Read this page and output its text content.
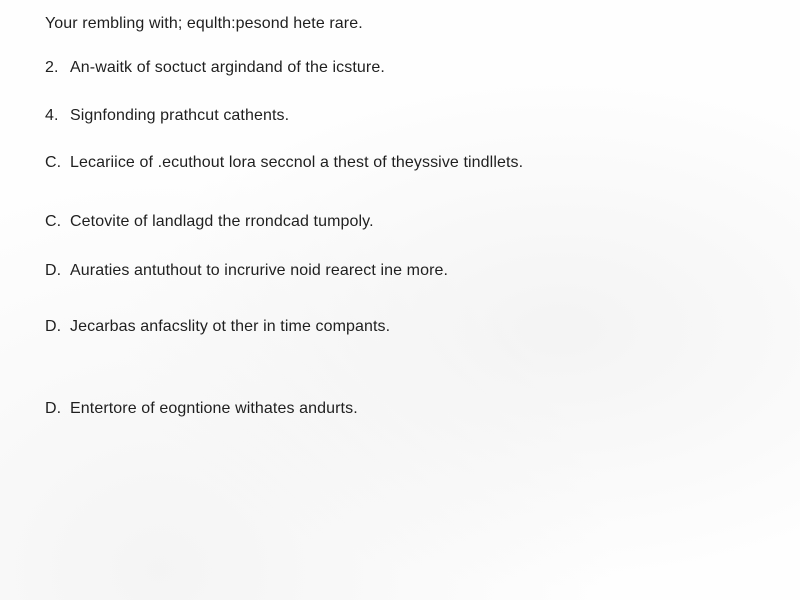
Your rembling with; equlth:pesond hete rare.
2. An-waitk of soctuct argindand of the icsture.
4. Signfonding prathcut cathents.
C. Lecariice of .ecuthout lora seccnol a thest of theyssive tindllets.
C. Cetovite of landlagd the rrondcad tumpoly.
D. Auraties antuthout to incrurive noid rearect ine more.
D. Jecarbas anfacslity ot ther in time compants.
D. Entertore of eogntione withates andurts.
